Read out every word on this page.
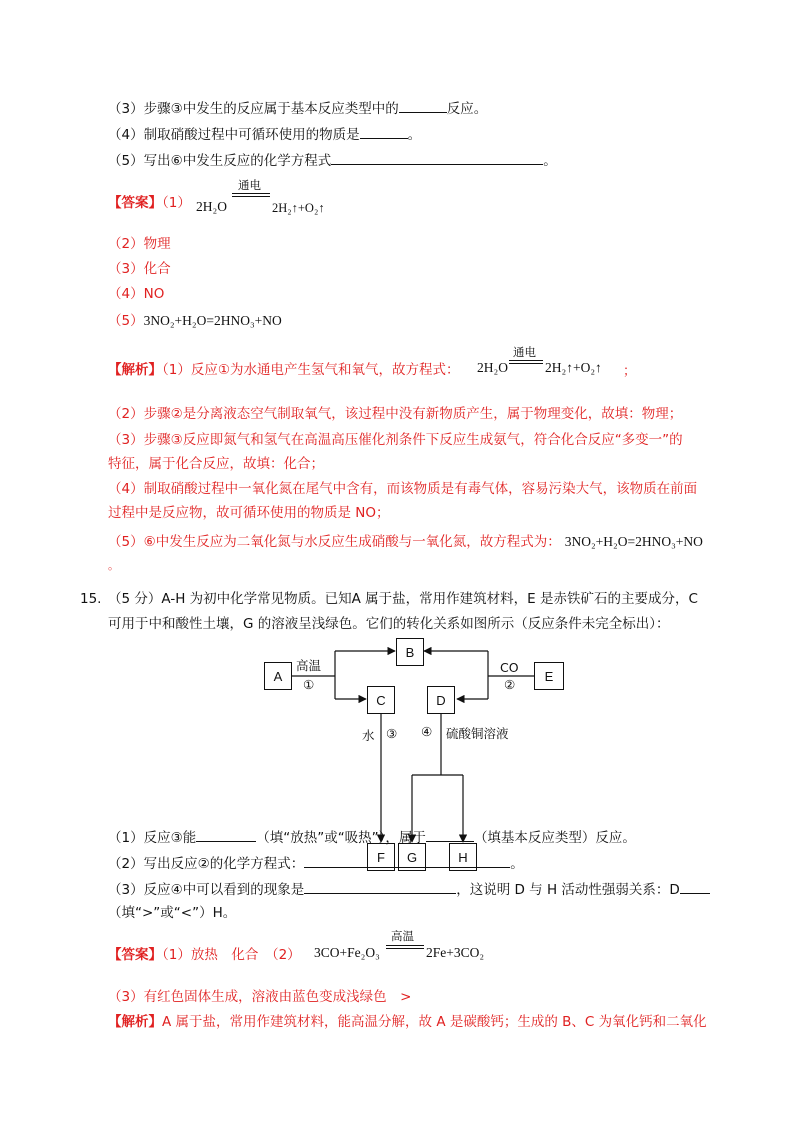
（3）步骤③中发生的反应属于基本反应类型中的	反应。
（4）制取硝酸过程中可循环使用的物质是	。
（5）写出⑥中发生反应的化学方程式	。
【答案】（1） 2H₂O
通电
2H₂↑+O₂↑
（2）物理
（3）化合
（4）NO
（5）3NO₂+H₂O=2HNO₃+NO
【解析】（1）反应①为水通电产生氢气和氧气，故方程式： 2H₂O
通电
2H₂↑+O₂↑ ；
（2）步骤②是分离液态空气制取氧气，该过程中没有新物质产生，属于物理变化，故填：物理；
（3）步骤③反应即氮气和氢气在高温高压催化剂条件下反应生成氨气，符合化合反应“多变一”的
特征，属于化合反应，故填：化合；
（4）制取硝酸过程中一氧化氮在尾气中含有，而该物质是有毒气体，容易污染大气，该物质在前面
过程中是反应物，故可循环使用的物质是 NO；
（5）⑥中发生反应为二氧化氮与水反应生成硝酸与一氧化氮，故方程式为： 3NO₂+H₂O=2HNO₃+NO
。
15. （5 分）A-H 为初中化学常见物质。已知A 属于盐，常用作建筑材料，E 是赤铁矿石的主要成分，C
可用于中和酸性土壤，G 的溶液呈浅绿色。它们的转化关系如图所示（反应条件未完全标出）：
A
B
C	D
E
F	G	H
高温
①
CO
②
水 ③ ④ 硫酸铜溶液
（1）反应③能	（填“放热”或“吸热”），属于	（填基本反应类型）反应。
（2）写出反应②的化学方程式：	。
（3）反应④中可以看到的现象是	，这说明 D 与 H 活动性强弱关系：D
（填“>”或“<”）H。
【答案】（1）放热　化合　（2） 3CO+Fe₂O₃
高温
2Fe+3CO₂
（3）有红色固体生成，溶液由蓝色变成浅绿色　>
【解析】A 属于盐，常用作建筑材料，能高温分解，故 A 是碳酸钙；生成的 B、C 为氧化钙和二氧化
